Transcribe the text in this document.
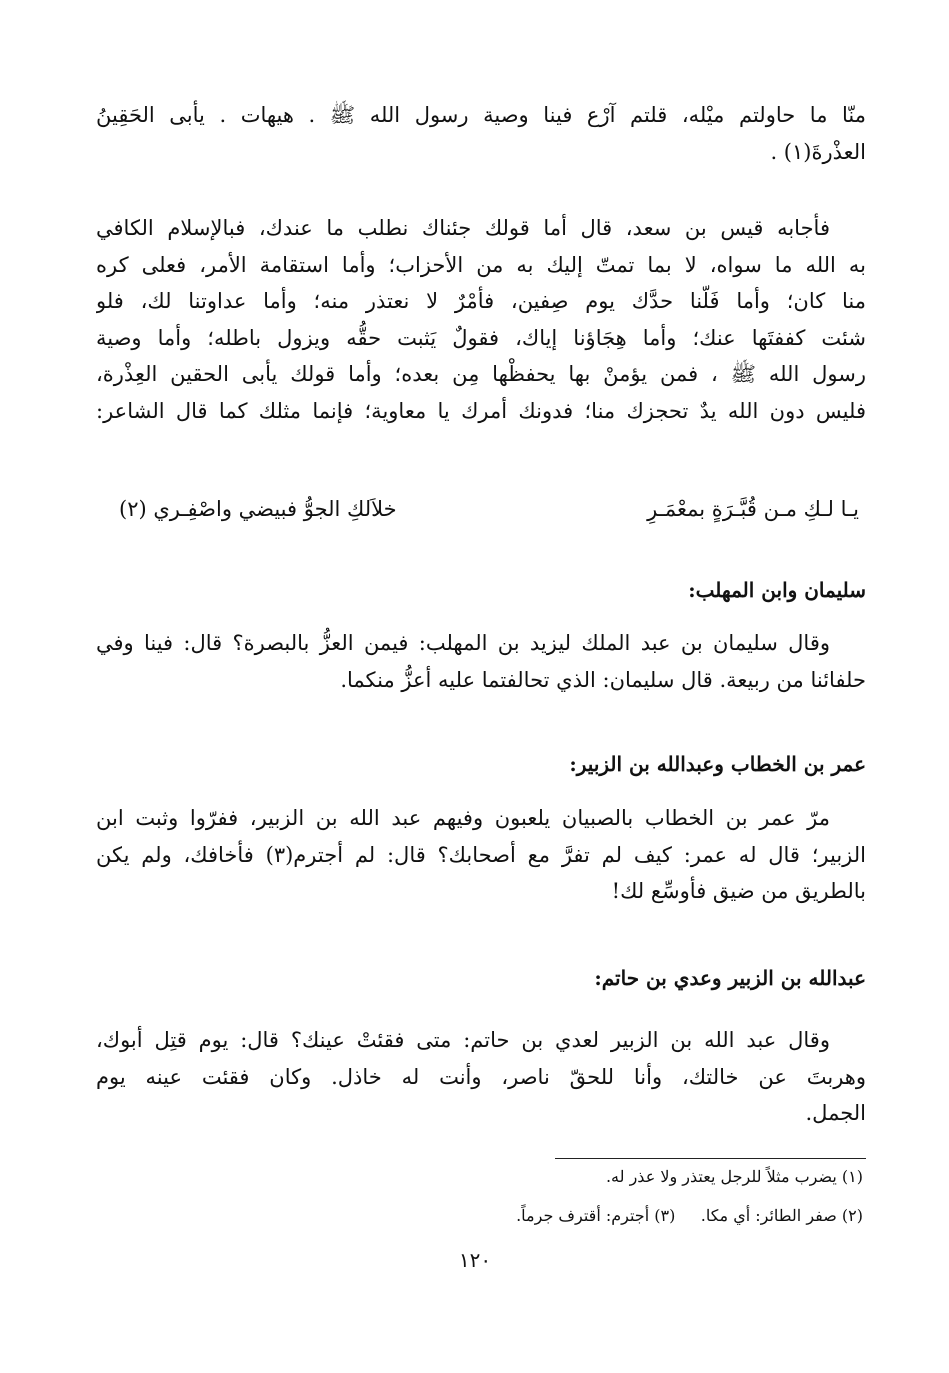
منّا ما حاولتم ميْله، قلتم آرْع فينا وصية رسول الله ﷺ . هيهات . يأبى الحَقِينُ
العذْرةَ(١) .
فأجابه قيس بن سعد، قال أما قولك جئناك نطلب ما عندك، فبالإسلام الكافي
به الله ما سواه، لا بما تمتّ إليك به من الأحزاب؛ وأما استقامة الأمر، فعلى كره
منا كان؛ وأما فَلّنا حدَّك يوم صِفين، فأمْرٌ لا نعتذر منه؛ وأما عداوتنا لك، فلو
شئت كففتَها عنك؛ وأما هِجَاؤنا إياك، فقولٌ يَثبت حقُّه ويزول باطله؛ وأما وصية
رسول الله ﷺ ، فمن يؤمنْ بها يحفظْها مِن بعده؛ وأما قولك يأبى الحقين العِذْرة،
فليس دون الله يدٌ تحجزك منا؛ فدونك أمرك يا معاوية؛ فإنما مثلك كما قال الشاعر:
يـا لـكِ مـن قُبَّـرَةٍ بمعْمَـرِ
خلاَلكِ الجوُّ فبيضي واصْفِـري (٢)
سليمان وابن المهلب:
وقال سليمان بن عبد الملك ليزيد بن المهلب: فيمن العزُّ بالبصرة؟ قال: فينا وفي
حلفائنا من ربيعة. قال سليمان: الذي تحالفتما عليه أعزُّ منكما.
عمر بن الخطاب وعبدالله بن الزبير:
مرّ عمر بن الخطاب بالصبيان يلعبون وفيهم عبد الله بن الزبير، ففرّوا وثبت ابن
الزبير؛ قال له عمر: كيف لم تفرَّ مع أصحابك؟ قال: لم أجترم(٣) فأخافك، ولم يكن
بالطريق من ضيق فأوسِّع لك!
عبدالله بن الزبير وعدي بن حاتم:
وقال عبد الله بن الزبير لعدي بن حاتم: متى فقئتْ عينك؟ قال: يوم قتِل أبوك،
وهربتَ عن خالتك، وأنا للحقّ ناصر، وأنت له خاذل. وكان فقئت عينه يوم
الجمل.
(١) يضرب مثلاً للرجل يعتذر ولا عذر له.
(٢) صفر الطائر: أي مكا.     (٣) أجترم: أقترف جرماً.
١٢٠
